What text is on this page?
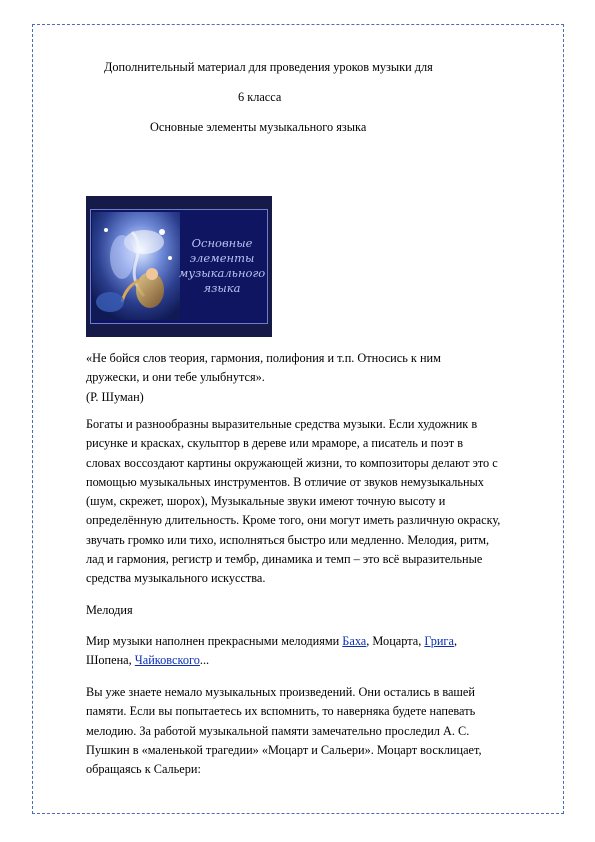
Дополнительный материал для проведения уроков музыки для
6 класса
Основные элементы музыкального языка
Основные
элементы
музыкального
языка
«Не бойся слов теория, гармония, полифония и т.п. Относись к ним
дружески, и они тебе улыбнутся».
(Р. Шуман)
Богаты и разнообразны выразительные средства музыки. Если художник в
рисунке и красках, скульптор в дереве или мраморе, а писатель и поэт в
словах воссоздают картины окружающей жизни, то композиторы делают это с
помощью музыкальных инструментов. В отличие от звуков немузыкальных
(шум, скрежет, шорох), Музыкальные звуки имеют точную высоту и
определённую длительность. Кроме того, они могут иметь различную окраску,
звучать громко или тихо, исполняться быстро или медленно. Мелодия, ритм,
лад и гармония, регистр и тембр, динамика и темп – это всё выразительные
средства музыкального искусства.
Мелодия
Мир музыки наполнен прекрасными мелодиями Баха, Моцарта, Грига,
Шопена, Чайковского...
Вы уже знаете немало музыкальных произведений. Они остались в вашей
памяти. Если вы попытаетесь их вспомнить, то наверняка будете напевать
мелодию. За работой музыкальной памяти замечательно проследил А. С.
Пушкин в «маленькой трагедии» «Моцарт и Сальери». Моцарт восклицает,
обращаясь к Сальери:
